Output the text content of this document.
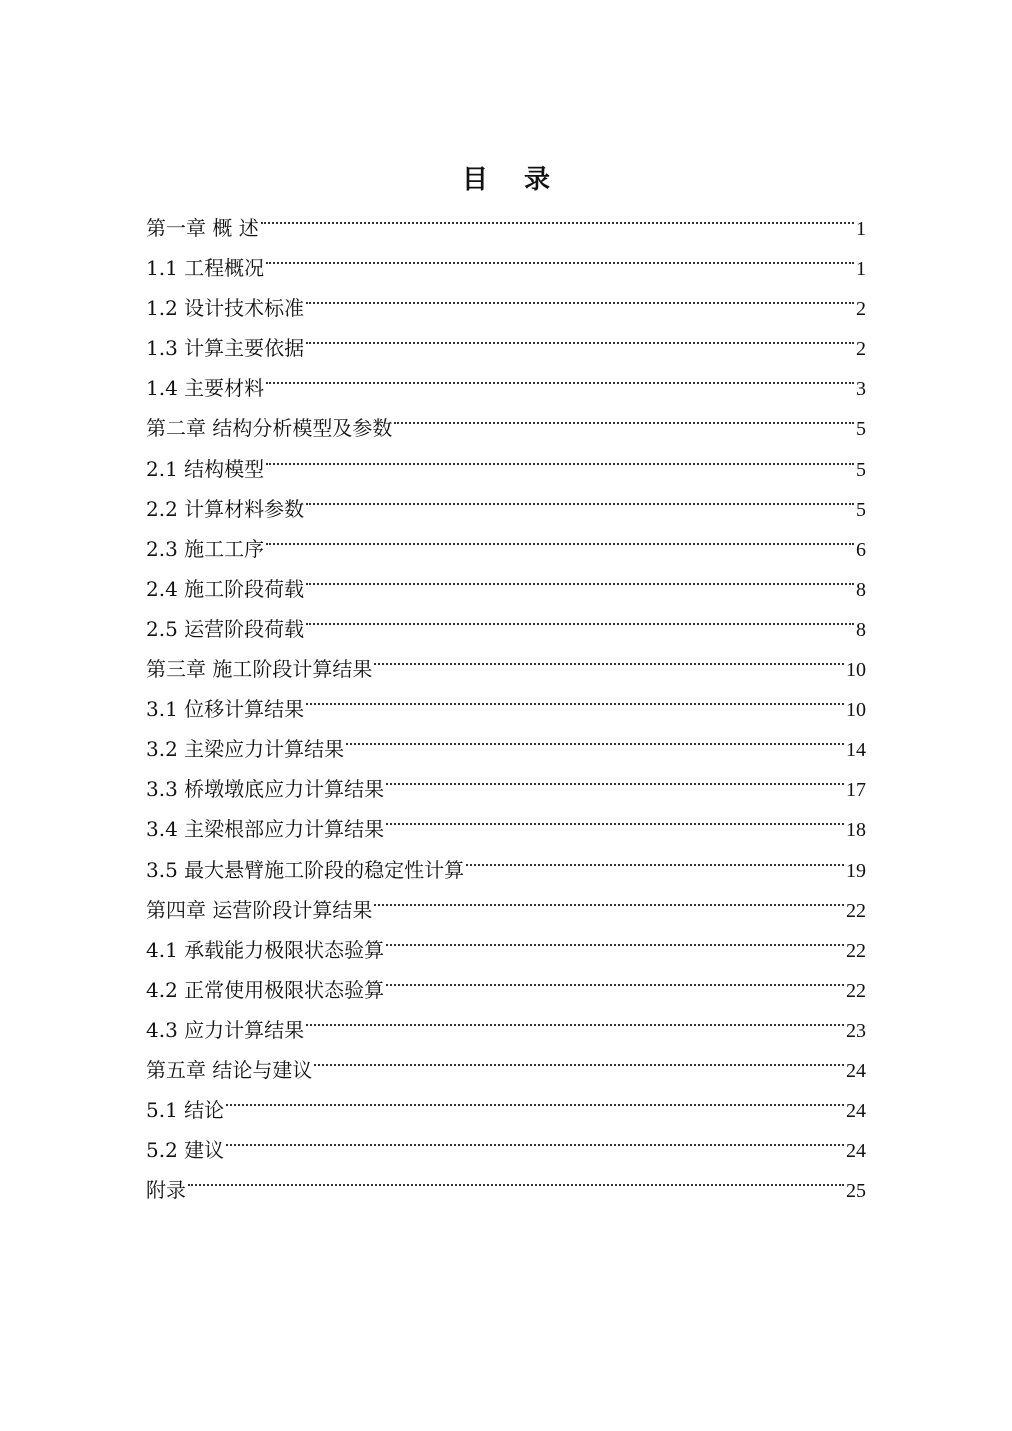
目 录
第一章 概 述	1
1.1 工程概况	1
1.2 设计技术标准	2
1.3 计算主要依据	2
1.4 主要材料	3
第二章 结构分析模型及参数	5
2.1 结构模型	5
2.2 计算材料参数	5
2.3 施工工序	6
2.4 施工阶段荷载	8
2.5 运营阶段荷载	8
第三章 施工阶段计算结果	10
3.1 位移计算结果	10
3.2 主梁应力计算结果	14
3.3 桥墩墩底应力计算结果	17
3.4 主梁根部应力计算结果	18
3.5 最大悬臂施工阶段的稳定性计算	19
第四章 运营阶段计算结果	22
4.1 承载能力极限状态验算	22
4.2 正常使用极限状态验算	22
4.3 应力计算结果	23
第五章 结论与建议	24
5.1 结论	24
5.2 建议	24
附录	25
